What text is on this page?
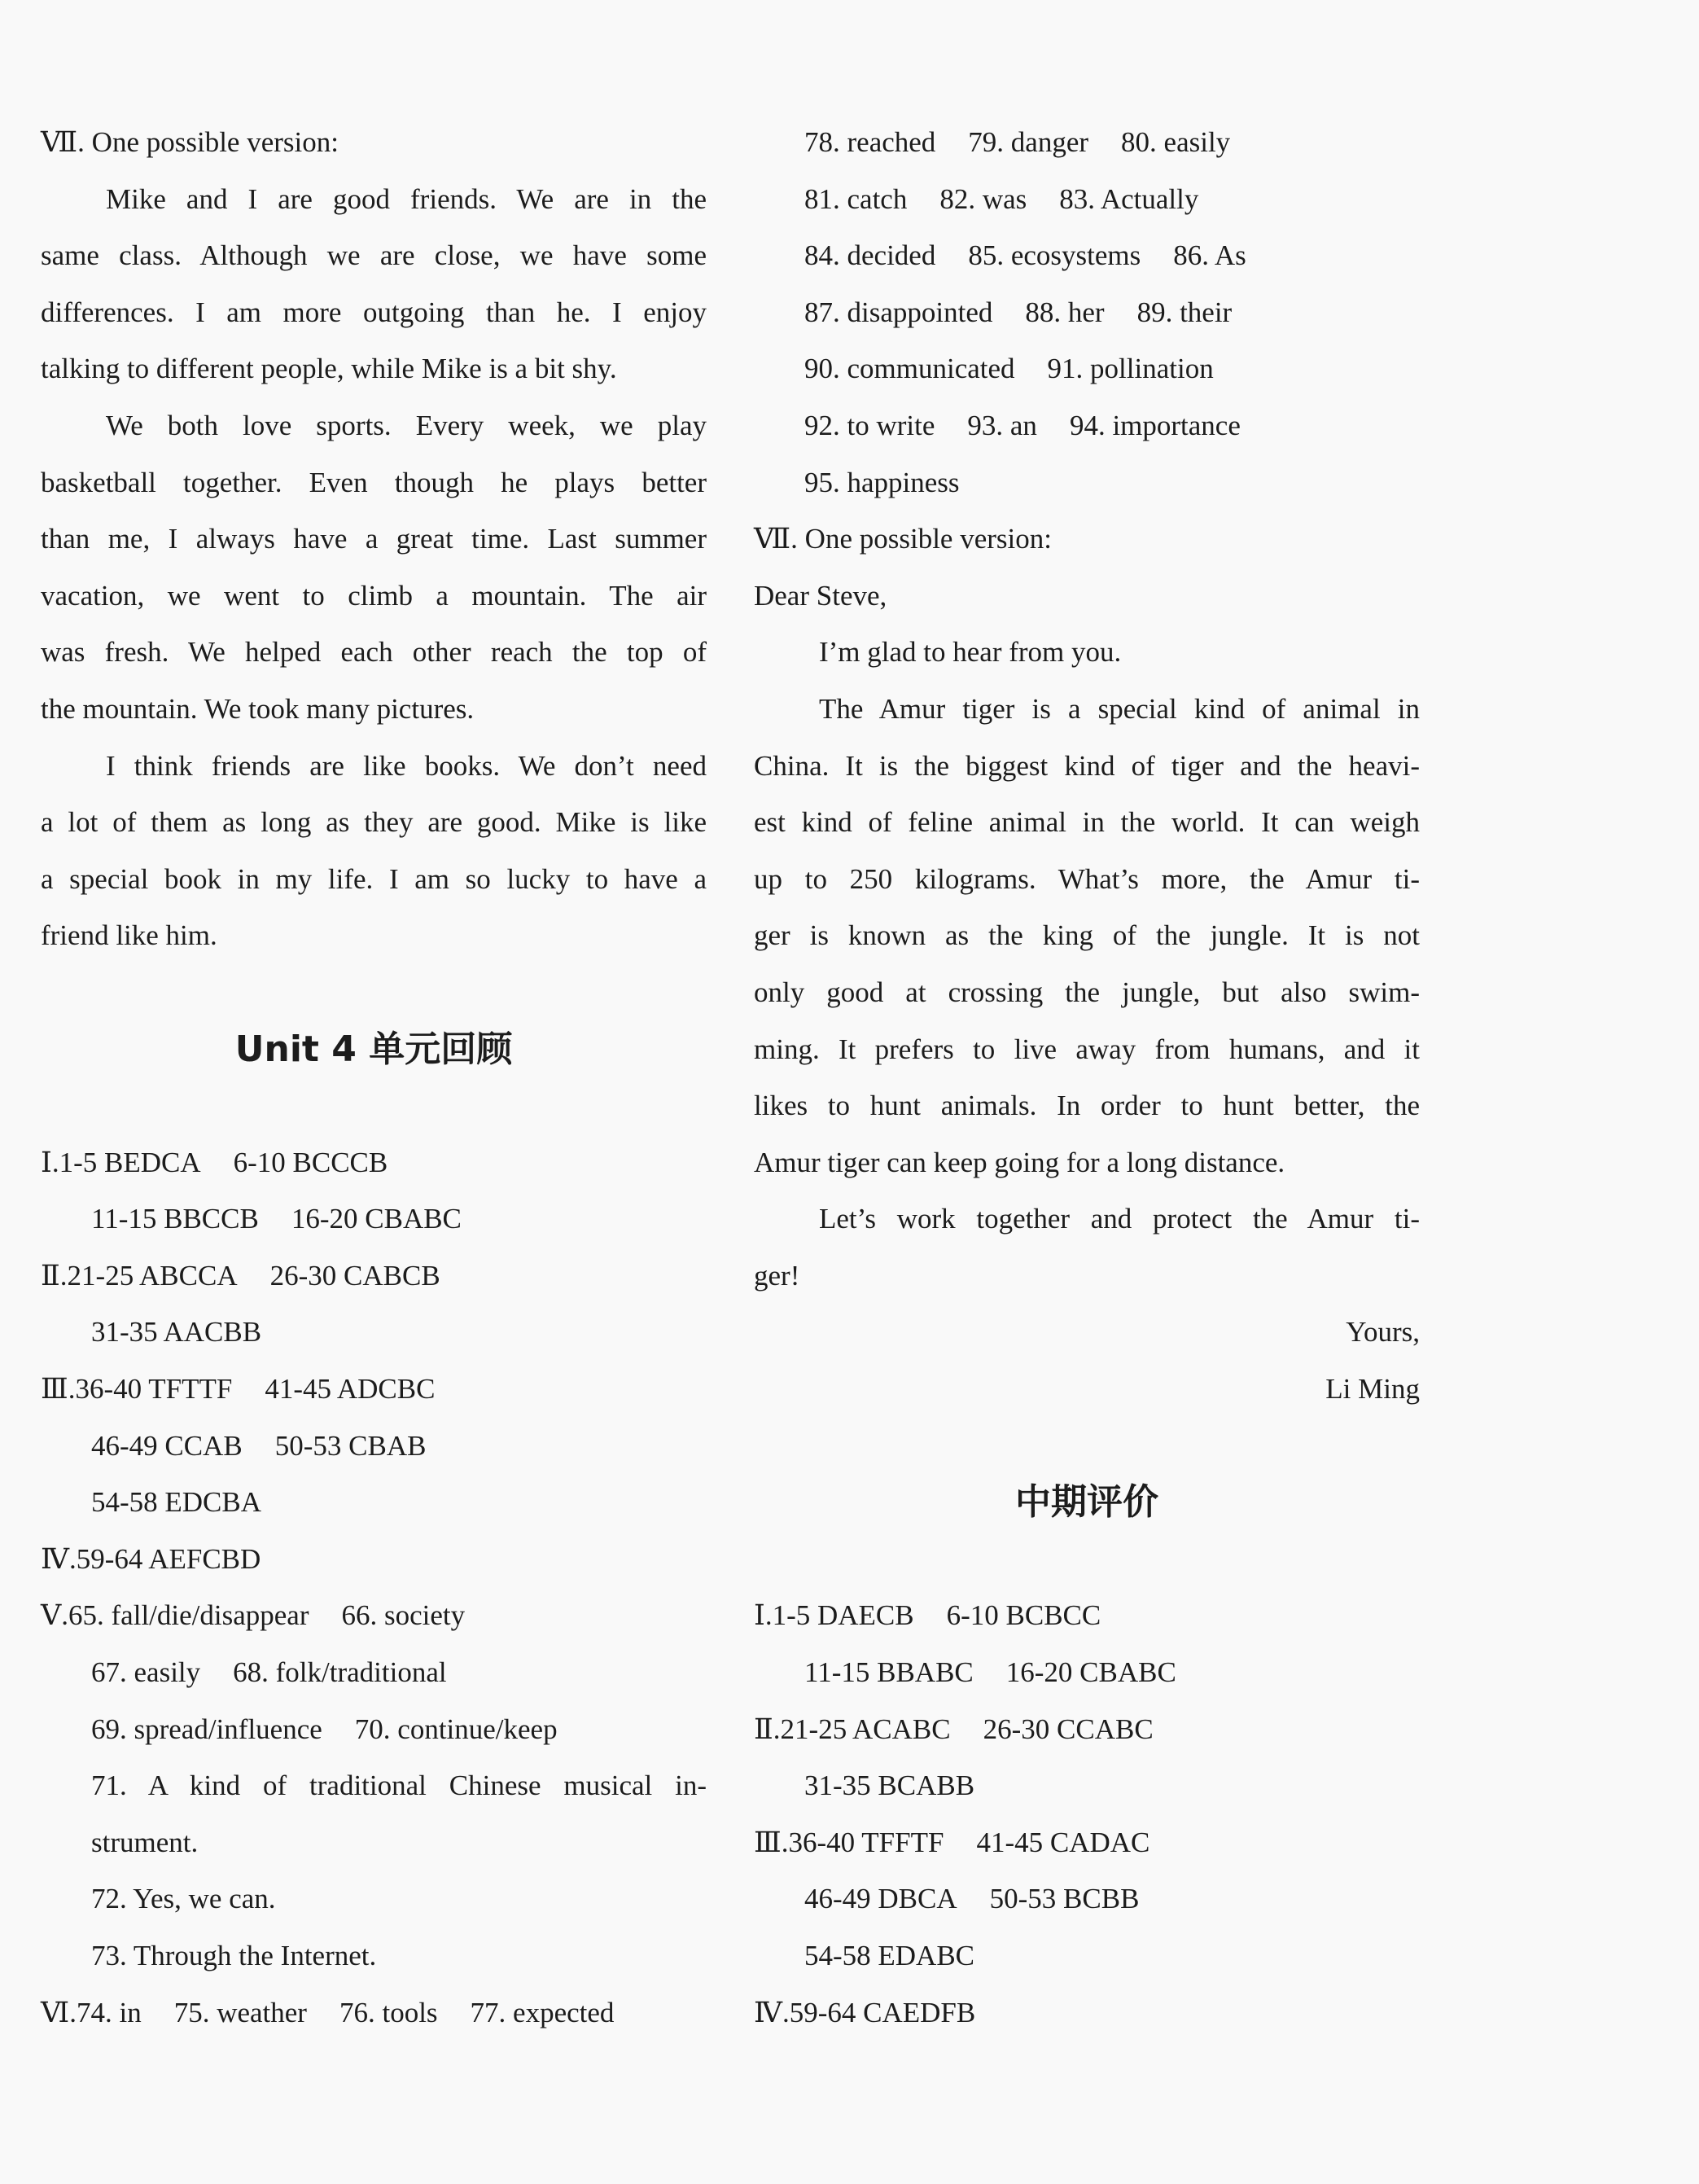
Ⅶ. One possible version:
Mike and I are good friends. We are in the
same class. Although we are close, we have some
differences. I am more outgoing than he. I enjoy
talking to different people, while Mike is a bit shy.
We both love sports. Every week, we play
basketball together. Even though he plays better
than me, I always have a great time. Last summer
vacation, we went to climb a mountain. The air
was fresh. We helped each other reach the top of
the mountain. We took many pictures.
I think friends are like books. We don’t need
a lot of them as long as they are good. Mike is like
a special book in my life. I am so lucky to have a
friend like him.
Unit 4 单元回顾
Ⅰ.1-5 BEDCA 6-10 BCCCB
11-15 BBCCB 16-20 CBABC
Ⅱ.21-25 ABCCA 26-30 CABCB
31-35 AACBB
Ⅲ.36-40 TFTTF 41-45 ADCBC
46-49 CCAB 50-53 CBAB
54-58 EDCBA
Ⅳ.59-64 AEFCBD
Ⅴ.65. fall/die/disappear 66. society
67. easily 68. folk/traditional
69. spread/influence 70. continue/keep
71. A kind of traditional Chinese musical in-
strument.
72. Yes, we can.
73. Through the Internet.
Ⅵ.74. in 75. weather 76. tools 77. expected
78. reached 79. danger 80. easily
81. catch 82. was 83. Actually
84. decided 85. ecosystems 86. As
87. disappointed 88. her 89. their
90. communicated 91. pollination
92. to write 93. an 94. importance
95. happiness
Ⅶ. One possible version:
Dear Steve,
I’m glad to hear from you.
The Amur tiger is a special kind of animal in
China. It is the biggest kind of tiger and the heavi-
est kind of feline animal in the world. It can weigh
up to 250 kilograms. What’s more, the Amur ti-
ger is known as the king of the jungle. It is not
only good at crossing the jungle, but also swim-
ming. It prefers to live away from humans, and it
likes to hunt animals. In order to hunt better, the
Amur tiger can keep going for a long distance.
Let’s work together and protect the Amur ti-
ger!
Yours,
Li Ming
中期评价
Ⅰ.1-5 DAECB 6-10 BCBCC
11-15 BBABC 16-20 CBABC
Ⅱ.21-25 ACABC 26-30 CCABC
31-35 BCABB
Ⅲ.36-40 TFFTF 41-45 CADAC
46-49 DBCA 50-53 BCBB
54-58 EDABC
Ⅳ.59-64 CAEDFB
